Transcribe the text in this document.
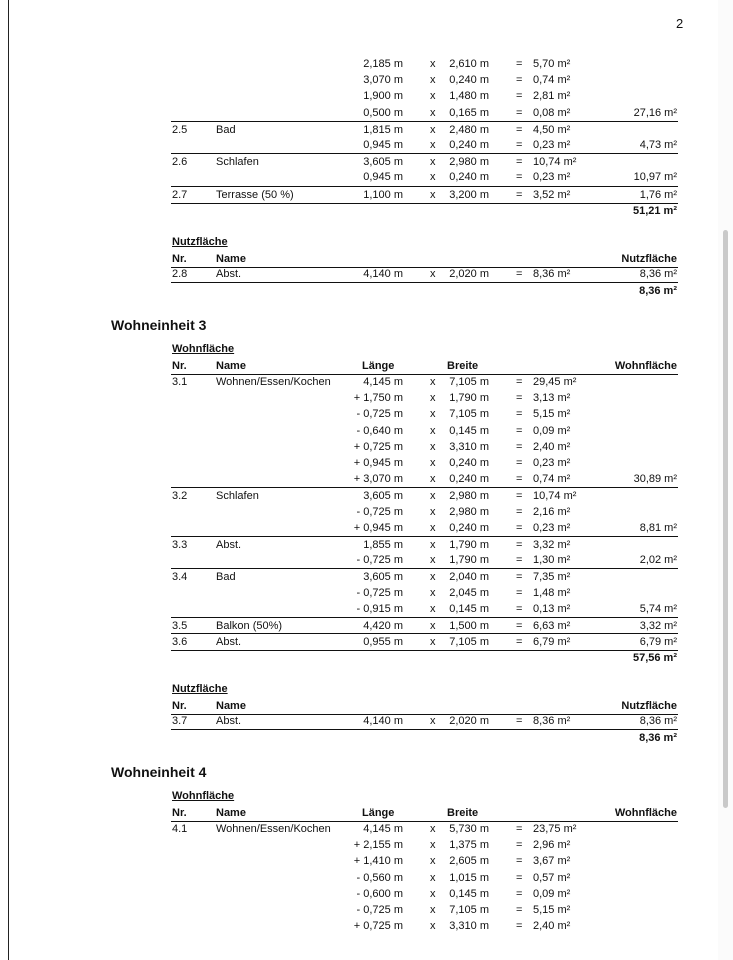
2
2,185 m x 2,610 m = 5,70 m²
3,070 m x 0,240 m = 0,74 m²
1,900 m x 1,480 m = 2,81 m²
0,500 m x 0,165 m = 0,08 m²	27,16 m²
2.5	Bad	1,815 m x 2,480 m = 4,50 m²
0,945 m x 0,240 m = 0,23 m²	4,73 m²
2.6	Schlafen	3,605 m x 2,980 m = 10,74 m²
0,945 m x 0,240 m = 0,23 m²	10,97 m²
2.7	Terrasse (50 %)	1,100 m x 3,200 m = 3,52 m²	1,76 m²
51,21 m²
Nutzfläche
Nr.	Name	Nutzfläche
2.8	Abst.	4,140 m x 2,020 m = 8,36 m²	8,36 m²
8,36 m²
Wohneinheit 3
Wohnfläche
Nr.	Name	Länge	Breite	Wohnfläche
3.1	Wohnen/Essen/Kochen	4,145 m x 7,105 m = 29,45 m²
+ 1,750 m x 1,790 m = 3,13 m²
- 0,725 m x 7,105 m = 5,15 m²
- 0,640 m x 0,145 m = 0,09 m²
+ 0,725 m x 3,310 m = 2,40 m²
+ 0,945 m x 0,240 m = 0,23 m²
+ 3,070 m x 0,240 m = 0,74 m²	30,89 m²
3.2	Schlafen	3,605 m x 2,980 m = 10,74 m²
- 0,725 m x 2,980 m = 2,16 m²
+ 0,945 m x 0,240 m = 0,23 m²	8,81 m²
3.3	Abst.	1,855 m x 1,790 m = 3,32 m²
- 0,725 m x 1,790 m = 1,30 m²	2,02 m²
3.4	Bad	3,605 m x 2,040 m = 7,35 m²
- 0,725 m x 2,045 m = 1,48 m²
- 0,915 m x 0,145 m = 0,13 m²	5,74 m²
3.5	Balkon (50%)	4,420 m x 1,500 m = 6,63 m²	3,32 m²
3.6	Abst.	0,955 m x 7,105 m = 6,79 m²	6,79 m²
57,56 m²
Nutzfläche
Nr.	Name	Nutzfläche
3.7	Abst.	4,140 m x 2,020 m = 8,36 m²	8,36 m²
8,36 m²
Wohneinheit 4
Wohnfläche
Nr.	Name	Länge	Breite	Wohnfläche
4.1	Wohnen/Essen/Kochen	4,145 m x 5,730 m = 23,75 m²
+ 2,155 m x 1,375 m = 2,96 m²
+ 1,410 m x 2,605 m = 3,67 m²
- 0,560 m x 1,015 m = 0,57 m²
- 0,600 m x 0,145 m = 0,09 m²
- 0,725 m x 7,105 m = 5,15 m²
+ 0,725 m x 3,310 m = 2,40 m²
